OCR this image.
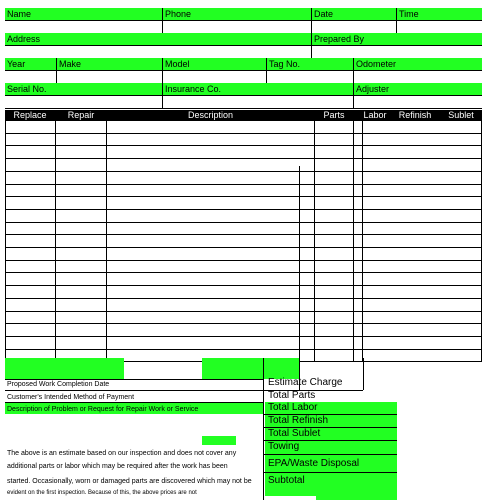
Name	Phone	Date	Time
Address	Prepared By
Year	Make	Model	Tag No.	Odometer
Serial No.	Insurance Co.	Adjuster
Replace	Repair	Description	Parts	Labor	Refinish	Sublet
Proposed Work Completion Date
Customer's Intended Method of Payment
Description of Problem or Request for Repair Work or Service
The above is an estimate based on our inspection and does not cover any
additional parts or labor which may be required after the work has been
started. Occasionally, worn or damaged parts are discovered which may not be
evident on the first inspection. Because of this, the above prices are not
Estimate Charge
Total Parts
Total Labor
Total Refinish
Total Sublet
Towing
EPA/Waste Disposal
Subtotal
